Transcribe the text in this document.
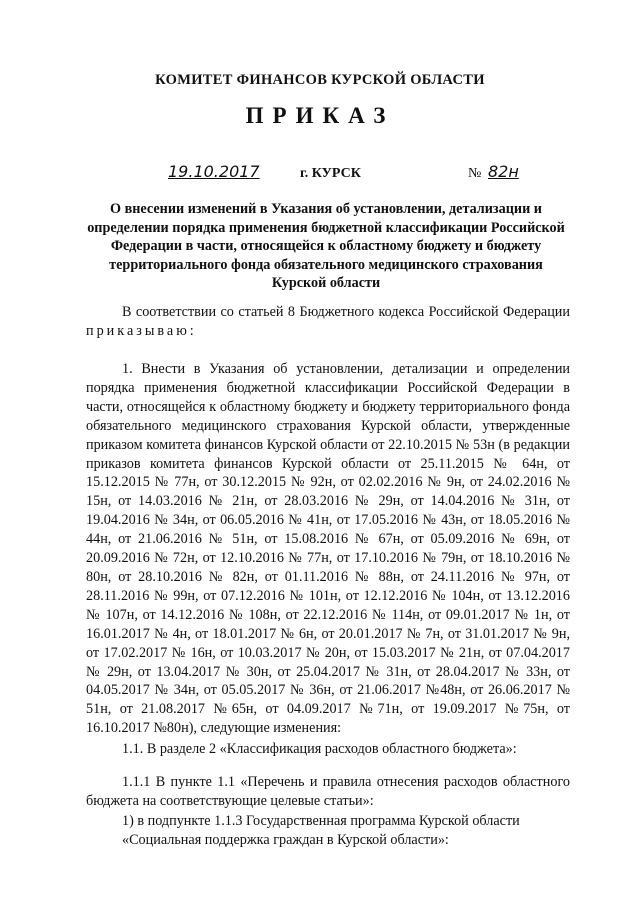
КОМИТЕТ ФИНАНСОВ КУРСКОЙ ОБЛАСТИ
ПРИКАЗ
19.10.2017	г. КУРСК	№ 82н
О внесении изменений в Указания об установлении, детализации и определении порядка применения бюджетной классификации Российской Федерации в части, относящейся к областному бюджету и бюджету территориального фонда обязательного медицинского страхования Курской области
В соответствии со статьей 8 Бюджетного кодекса Российской Федерации приказываю:
1. Внести в Указания об установлении, детализации и определении порядка применения бюджетной классификации Российской Федерации в части, относящейся к областному бюджету и бюджету территориального фонда обязательного медицинского страхования Курской области, утвержденные приказом комитета финансов Курской области от 22.10.2015 № 53н (в редакции приказов комитета финансов Курской области от 25.11.2015 № 64н, от 15.12.2015 № 77н, от 30.12.2015 № 92н, от 02.02.2016 № 9н, от 24.02.2016 № 15н, от 14.03.2016 № 21н, от 28.03.2016 № 29н, от 14.04.2016 № 31н, от 19.04.2016 № 34н, от 06.05.2016 № 41н, от 17.05.2016 № 43н, от 18.05.2016 № 44н, от 21.06.2016 № 51н, от 15.08.2016 № 67н, от 05.09.2016 № 69н, от 20.09.2016 № 72н, от 12.10.2016 № 77н, от 17.10.2016 № 79н, от 18.10.2016 № 80н, от 28.10.2016 № 82н, от 01.11.2016 № 88н, от 24.11.2016 № 97н, от 28.11.2016 № 99н, от 07.12.2016 № 101н, от 12.12.2016 № 104н, от 13.12.2016 № 107н, от 14.12.2016 № 108н, от 22.12.2016 № 114н, от 09.01.2017 № 1н, от 16.01.2017 № 4н, от 18.01.2017 № 6н, от 20.01.2017 № 7н, от 31.01.2017 № 9н, от 17.02.2017 № 16н, от 10.03.2017 № 20н, от 15.03.2017 № 21н, от 07.04.2017 № 29н, от 13.04.2017 № 30н, от 25.04.2017 № 31н, от 28.04.2017 № 33н, от 04.05.2017 № 34н, от 05.05.2017 № 36н, от 21.06.2017 №48н, от 26.06.2017 № 51н, от 21.08.2017 №65н, от 04.09.2017 №71н, от 19.09.2017 №75н, от 16.10.2017 №80н), следующие изменения:
1.1. В разделе 2 «Классификация расходов областного бюджета»:
1.1.1 В пункте 1.1 «Перечень и правила отнесения расходов областного бюджета на соответствующие целевые статьи»:
1) в подпункте 1.1.3 Государственная программа Курской области
«Социальная поддержка граждан в Курской области»:
